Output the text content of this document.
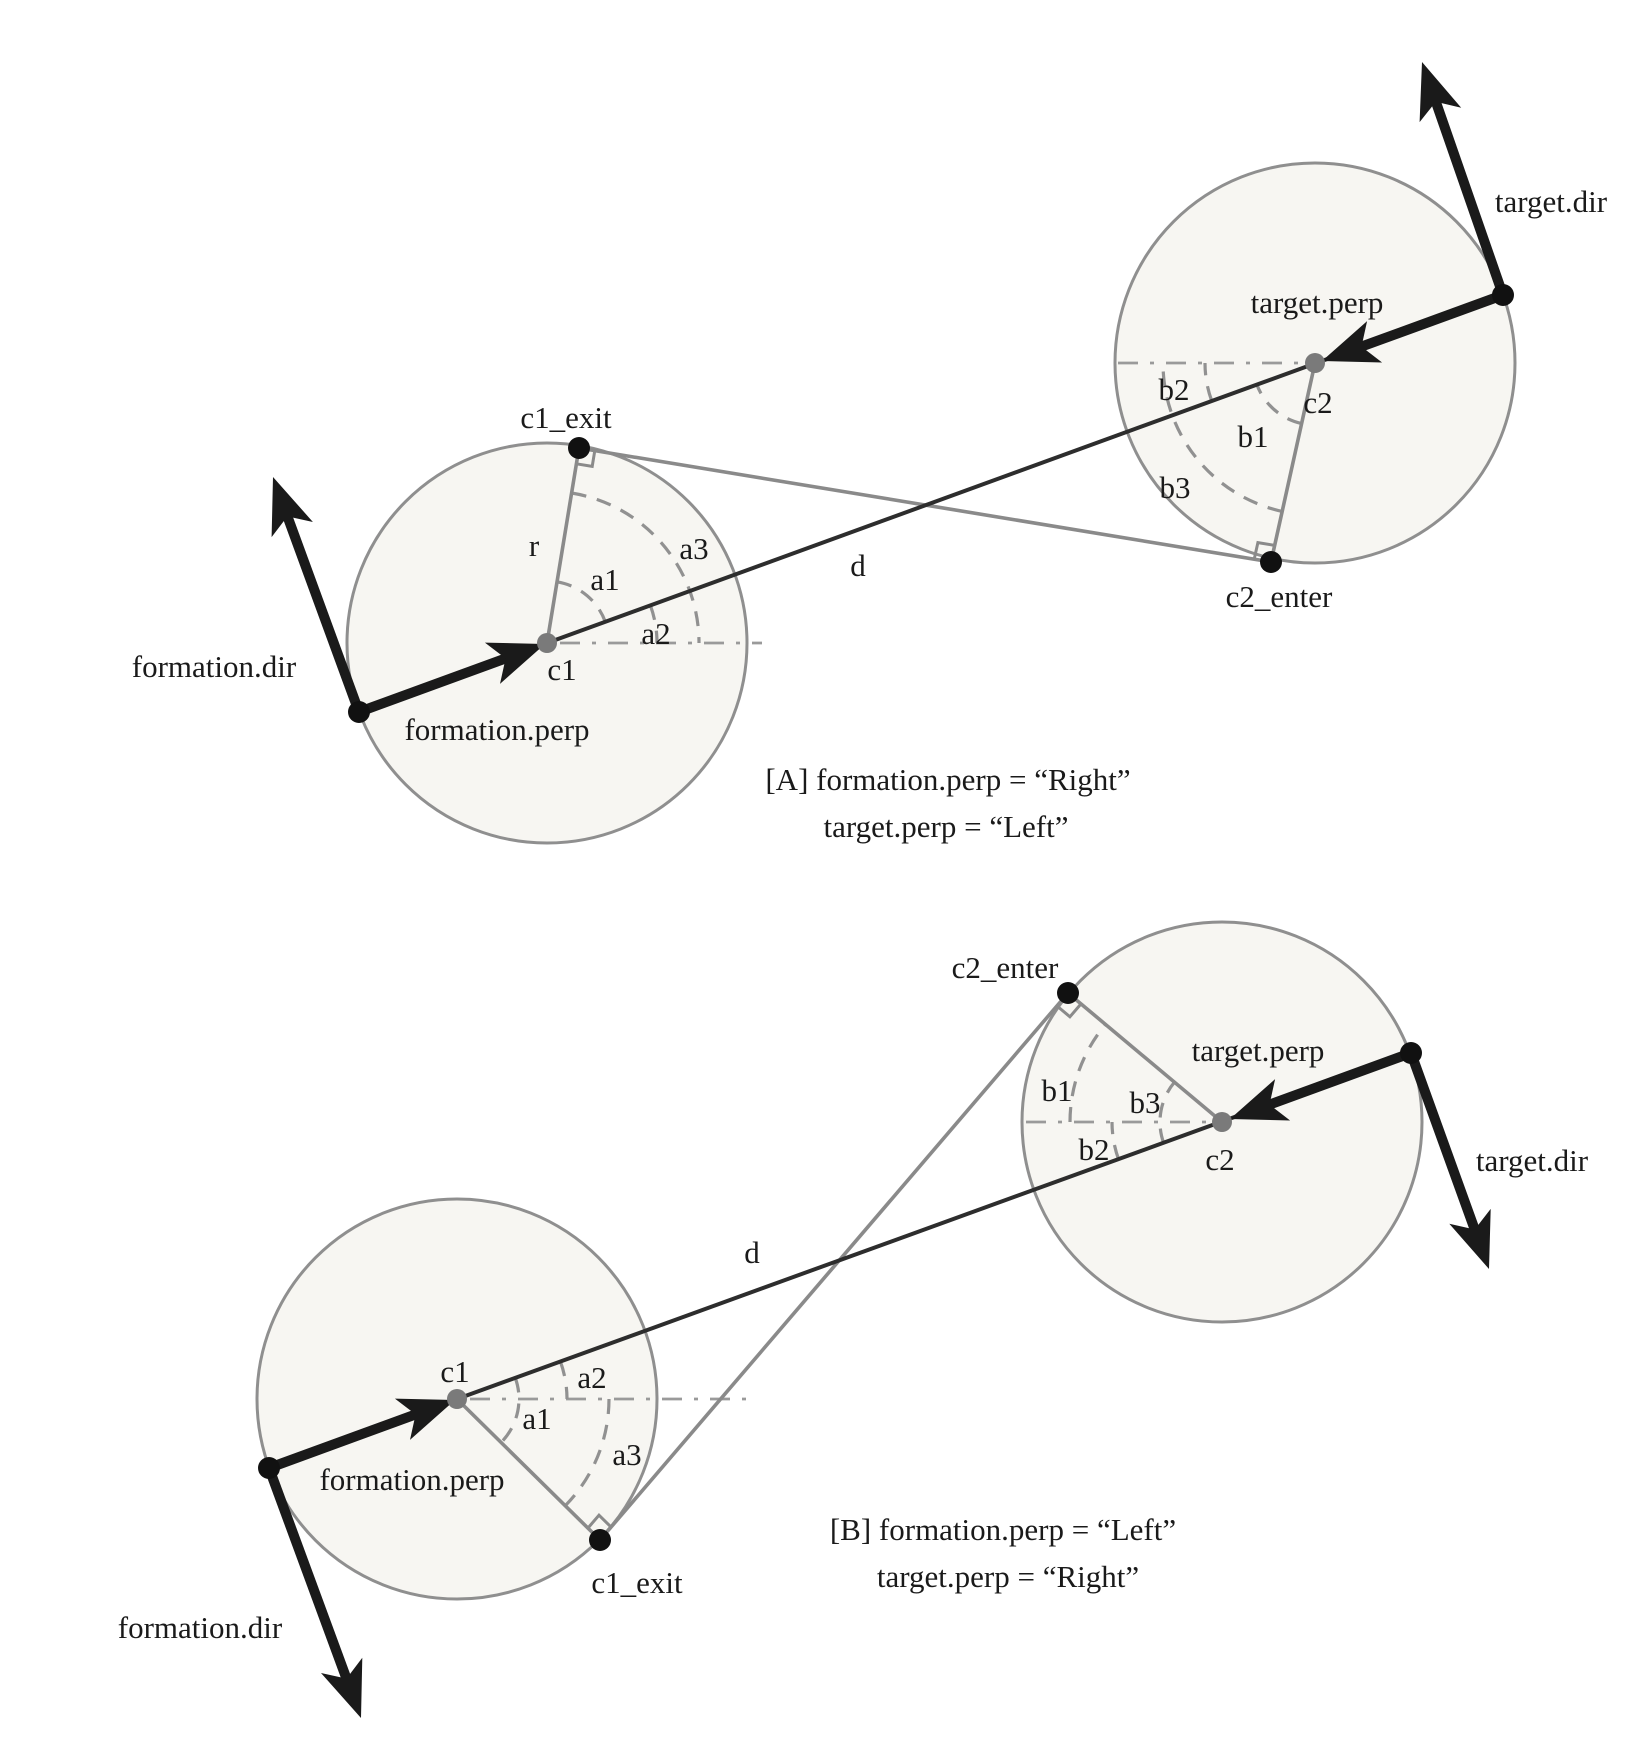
c1_exit
r
a1
a2
a3
c1
d
formation.dir
formation.perp
target.dir
target.perp
c2
b1
b2
b3
c2_enter
[A] formation.perp = “Right”
target.perp = “Left”
c2_enter
target.perp
c2
b1 b3
b2
d
target.dir
c1	a2
a1
a3
formation.perp
c1_exit
formation.dir
[B] formation.perp = “Left”
target.perp = “Right”
